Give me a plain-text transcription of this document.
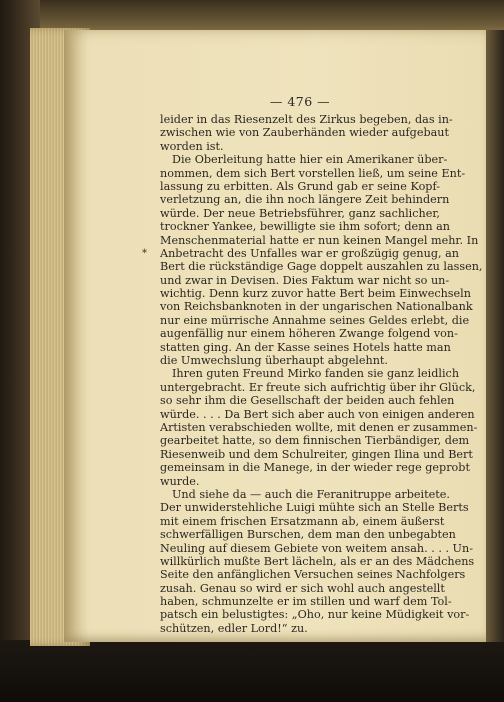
— 476 —
*
leider in das Riesenzelt des Zirkus begeben, das in-
zwischen wie von Zauberhänden wieder aufgebaut
worden ist.
Die Oberleitung hatte hier ein Amerikaner über-
nommen, dem sich Bert vorstellen ließ, um seine Ent-
lassung zu erbitten. Als Grund gab er seine Kopf-
verletzung an, die ihn noch längere Zeit behindern
würde. Der neue Betriebsführer, ganz sachlicher,
trockner Yankee, bewilligte sie ihm sofort; denn an
Menschenmaterial hatte er nun keinen Mangel mehr. In
Anbetracht des Unfalles war er großzügig genug, an
Bert die rückständige Gage doppelt auszahlen zu lassen,
und zwar in Devisen. Dies Faktum war nicht so un-
wichtig. Denn kurz zuvor hatte Bert beim Einwechseln
von Reichsbanknoten in der ungarischen Nationalbank
nur eine mürrische Annahme seines Geldes erlebt, die
augenfällig nur einem höheren Zwange folgend von-
statten ging. An der Kasse seines Hotels hatte man
die Umwechslung überhaupt abgelehnt.
Ihren guten Freund Mirko fanden sie ganz leidlich
untergebracht. Er freute sich aufrichtig über ihr Glück,
so sehr ihm die Gesellschaft der beiden auch fehlen
würde. . . . Da Bert sich aber auch von einigen anderen
Artisten verabschieden wollte, mit denen er zusammen-
gearbeitet hatte, so dem finnischen Tierbändiger, dem
Riesenweib und dem Schulreiter, gingen Ilina und Bert
gemeinsam in die Manege, in der wieder rege geprobt
wurde.
Und siehe da — auch die Feranitruppe arbeitete.
Der unwiderstehliche Luigi mühte sich an Stelle Berts
mit einem frischen Ersatzmann ab, einem äußerst
schwerfälligen Burschen, dem man den unbegabten
Neuling auf diesem Gebiete von weitem ansah. . . . Un-
willkürlich mußte Bert lächeln, als er an des Mädchens
Seite den anfänglichen Versuchen seines Nachfolgers
zusah. Genau so wird er sich wohl auch angestellt
haben, schmunzelte er im stillen und warf dem Tol-
patsch ein belustigtes: „Oho, nur keine Müdigkeit vor-
schützen, edler Lord!“ zu.
